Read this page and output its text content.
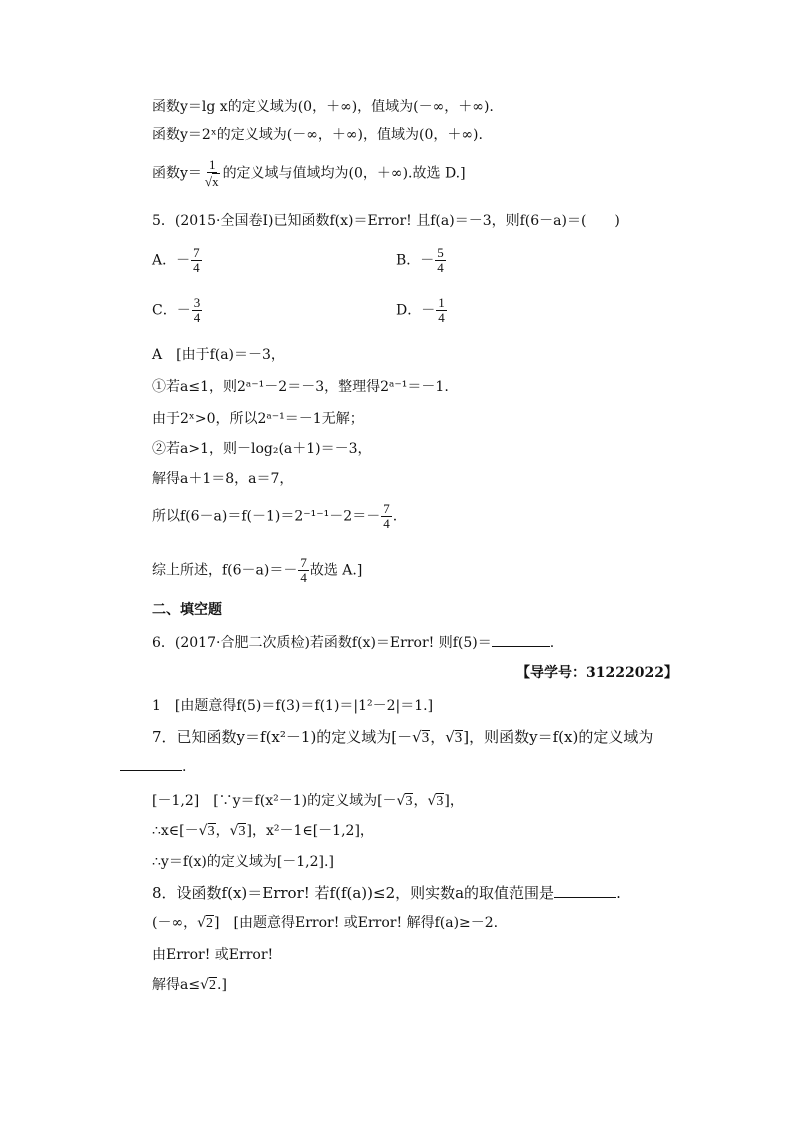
函数y＝lg x的定义域为(0，＋∞)，值域为(－∞，＋∞).
函数y＝2ˣ的定义域为(－∞，＋∞)，值域为(0，＋∞).
函数$y= \frac{1}{√x}$ 的定义域与值域均为(0，＋∞).故选 D.]
5．(2015·全国卷Ⅰ)已知函数f(x)＝Error! 且f(a)＝－3，则f(6－a)＝(　　)
A．－ $\frac{7}{4}$	B．－ $\frac{5}{4}$
C．－ $\frac{3}{4}$	D．－ $\frac{1}{4}$
A　[由于f(a)＝－3，
①若a≤1，则2ᵃ⁻¹－2＝－3，整理得2ᵃ⁻¹＝－1.
由于2ˣ>0，所以2ᵃ⁻¹＝－1无解；
②若a>1，则－log₂(a＋1)＝－3，
解得a＋1＝8，a＝7，
所以$f(6-a)=f(-1)=2^{-1-1}-2=- \frac{7}{4}$ .
综上所述，$f(6-a)=- \frac{7}{4}$ 故选 A.]
二、填空题
6．(2017·合肥二次质检)若函数f(x)＝Error! 则f(5)＝	.
【导学号：31222022】
1　[由题意得f(5)＝f(3)＝f(1)＝|1²－2|＝1.]
7．已知函数y＝f(x²－1)的定义域为[－√3，√3]，则函数y＝f(x)的定义域为
.
[－1,2]　[∵y＝f(x²－1)的定义域为[－√3，√3]，
∴x∈[－√3，√3]，x²－1∈[－1,2]，
∴y＝f(x)的定义域为[－1,2].]
8．设函数f(x)＝Error! 若f(f(a))≤2，则实数a的取值范围是	.
(－∞，√2]　[由题意得Error! 或Error! 解得f(a)≥－2.
由Error! 或Error!
解得a≤√2.]
